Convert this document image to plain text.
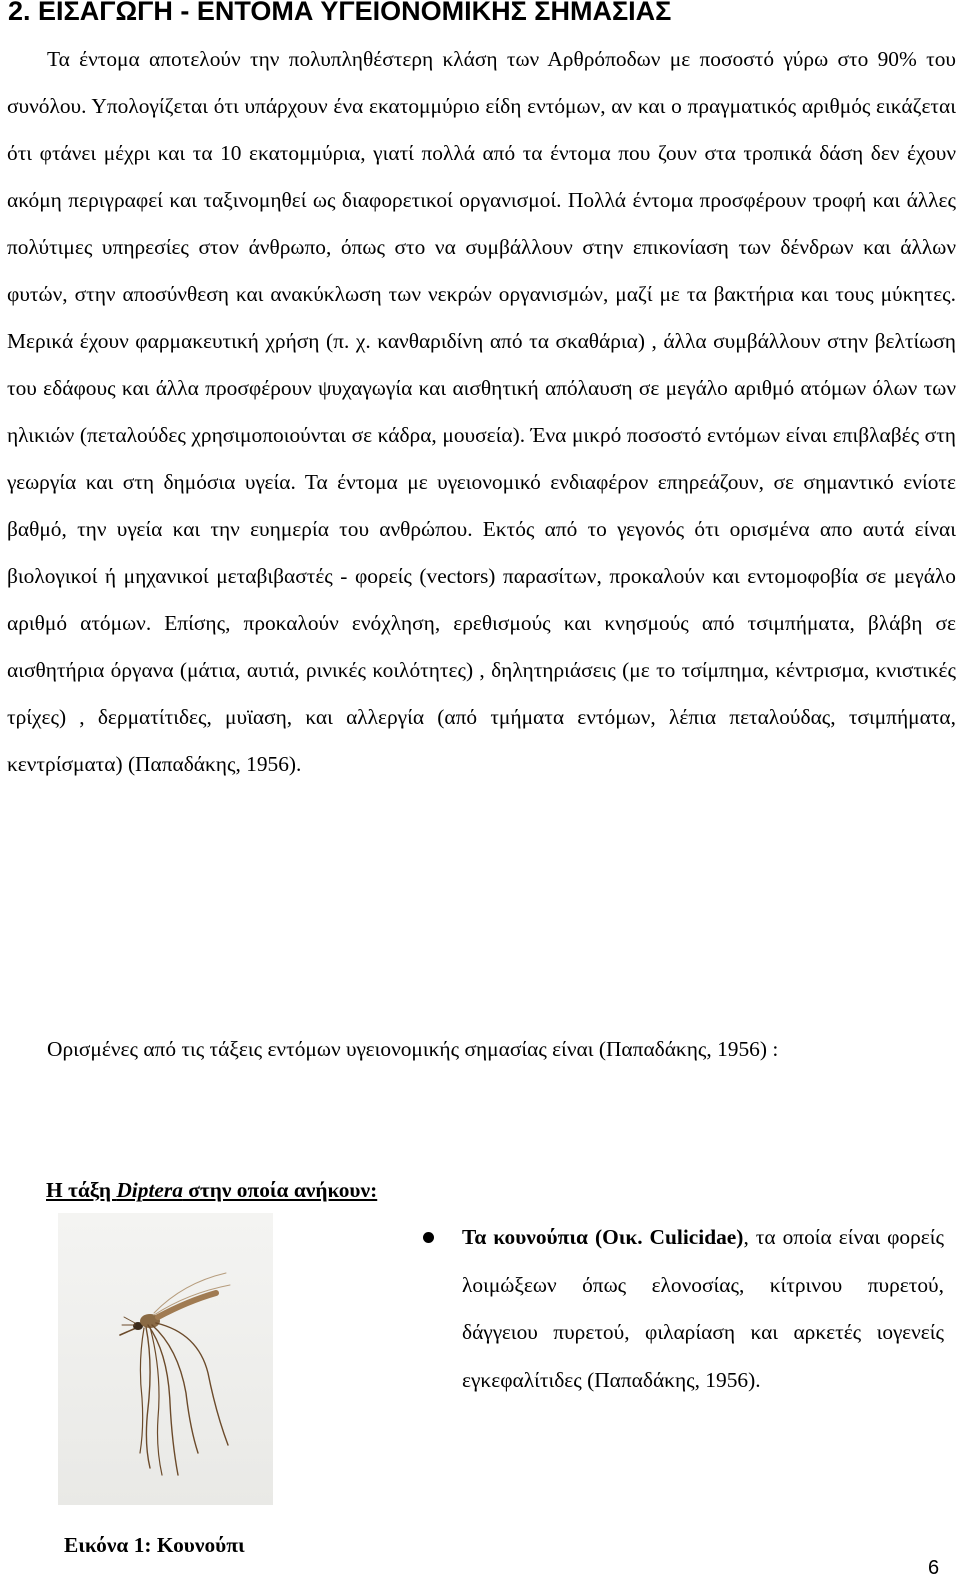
2. ΕΙΣΑΓΩΓΗ - ΕΝΤΟΜΑ ΥΓΕΙΟΝΟΜΙΚΗΣ ΣΗΜΑΣΙΑΣ

Τα έντομα αποτελούν την πολυπληθέστερη κλάση των Αρθρόποδων με ποσοστό γύρω στο 90% του συνόλου. Υπολογίζεται ότι υπάρχουν ένα εκατομμύριο είδη εντόμων, αν και ο πραγματικός αριθμός εικάζεται ότι φτάνει μέχρι και τα 10 εκατομμύρια, γιατί πολλά από τα έντομα που ζουν στα τροπικά δάση δεν έχουν ακόμη περιγραφεί και ταξινομηθεί ως διαφορετικοί οργανισμοί. Πολλά έντομα προσφέρουν τροφή και άλλες πολύτιμες υπηρεσίες στον άνθρωπο, όπως στο να συμβάλλουν στην επικονίαση των δένδρων και άλλων φυτών, στην αποσύνθεση και ανακύκλωση των νεκρών οργανισμών, μαζί με τα βακτήρια και τους μύκητες. Μερικά έχουν φαρμακευτική χρήση (π. χ. κανθαριδίνη από τα σκαθάρια) , άλλα συμβάλλουν στην βελτίωση του εδάφους και άλλα προσφέρουν ψυχαγωγία και αισθητική απόλαυση σε μεγάλο αριθμό ατόμων όλων των ηλικιών (πεταλούδες χρησιμοποιούνται σε κάδρα, μουσεία). Ένα μικρό ποσοστό εντόμων είναι επιβλαβές στη γεωργία και στη δημόσια υγεία. Τα έντομα με υγειονομικό ενδιαφέρον επηρεάζουν, σε σημαντικό ενίοτε βαθμό, την υγεία και την ευημερία του ανθρώπου. Εκτός από το γεγονός ότι ορισμένα απο αυτά είναι βιολογικοί ή μηχανικοί μεταβιβαστές - φορείς (vectors) παρασίτων, προκαλούν και εντομοφοβία σε μεγάλο αριθμό ατόμων. Επίσης, προκαλούν ενόχληση, ερεθισμούς και κνησμούς από τσιμπήματα, βλάβη σε αισθητήρια όργανα (μάτια, αυτιά, ρινικές κοιλότητες) , δηλητηριάσεις (με το τσίμπημα, κέντρισμα, κνιστικές τρίχες) , δερματίτιδες, μυϊαση, και αλλεργία (από τμήματα εντόμων, λέπια πεταλούδας, τσιμπήματα, κεντρίσματα) (Παπαδάκης, 1956).

Ορισμένες από τις τάξεις εντόμων υγειονομικής σημασίας είναι (Παπαδάκης, 1956) :

Η τάξη Diptera στην οποία ανήκουν:

Τα κουνούπια (Οικ. Culicidae), τα οποία είναι φορείς λοιμώξεων όπως ελονοσίας, κίτρινου πυρετού, δάγγειου πυρετού, φιλαρίαση και αρκετές ιογενείς εγκεφαλίτιδες (Παπαδάκης, 1956).

Εικόνα 1: Κουνούπι
6
